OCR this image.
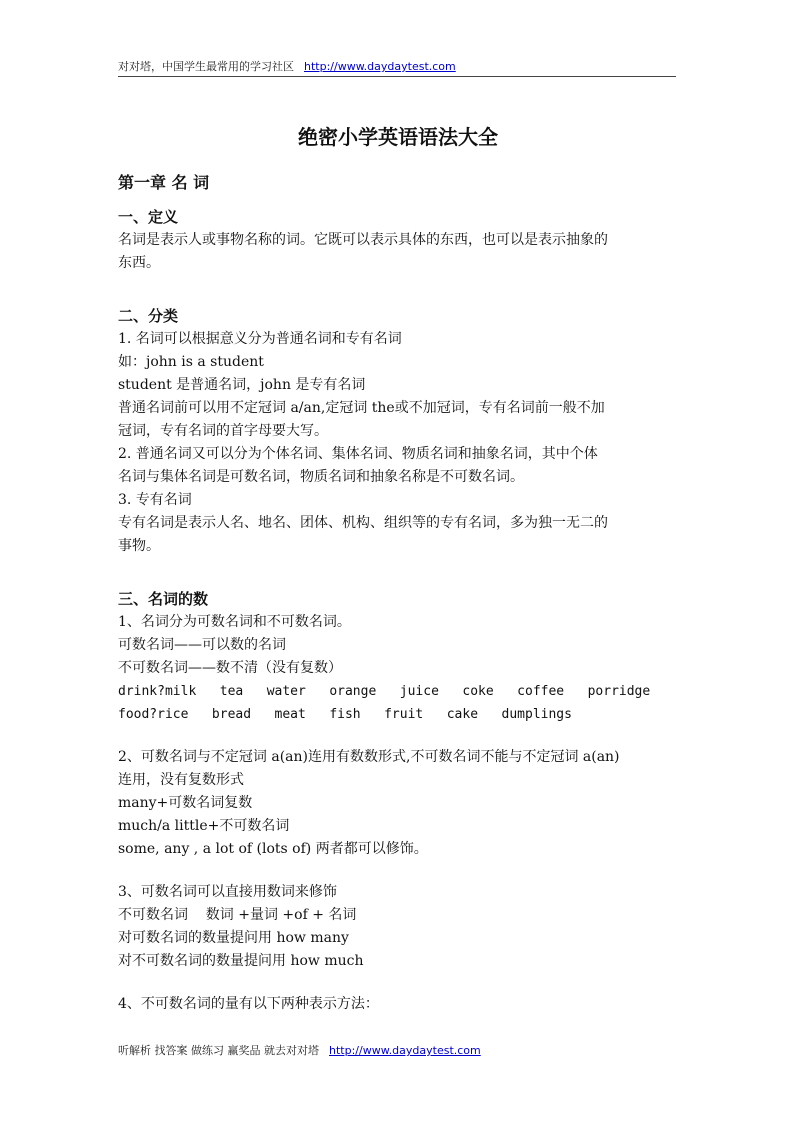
对对塔，中国学生最常用的学习社区 http://www.daydaytest.com
绝密小学英语语法大全
第一章 名 词
一、定义

名词是表示人或事物名称的词。它既可以表示具体的东西，也可以是表示抽象的

东西。

二、分类

1. 名词可以根据意义分为普通名词和专有名词

如：john is a student

student 是普通名词，john 是专有名词

普通名词前可以用不定冠词 a/an,定冠词 the或不加冠词，专有名词前一般不加

冠词，专有名词的首字母要大写。

2. 普通名词又可以分为个体名词、集体名词、物质名词和抽象名词，其中个体

名词与集体名词是可数名词，物质名词和抽象名称是不可数名词。

3. 专有名词

专有名词是表示人名、地名、团体、机构、组织等的专有名词，多为独一无二的

事物。

三、名词的数

1、名词分为可数名词和不可数名词。

可数名词——可以数的名词

不可数名词——数不清（没有复数）

drink?milk   tea   water   orange   juice   coke   coffee   porridge

food?rice   bread   meat   fish   fruit   cake   dumplings

2、可数名词与不定冠词 a(an)连用有数数形式,不可数名词不能与不定冠词 a(an)

连用，没有复数形式

many+可数名词复数

much/a little+不可数名词

some, any , a lot of (lots of) 两者都可以修饰。

3、可数名词可以直接用数词来修饰

不可数名词    数词 +量词 +of + 名词

对可数名词的数量提问用 how many

对不可数名词的数量提问用 how much

4、不可数名词的量有以下两种表示方法：

听解析 找答案 做练习 赢奖品 就去对对塔 http://www.daydaytest.com
